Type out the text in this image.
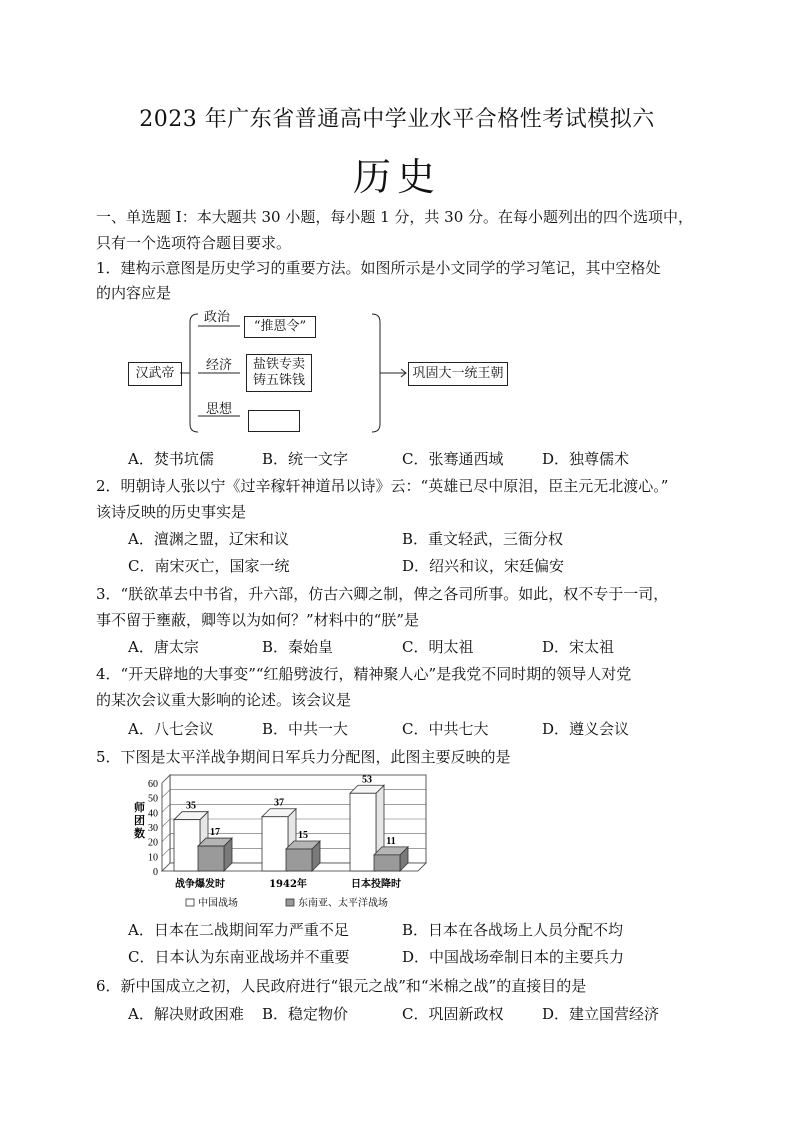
2023 年广东省普通高中学业水平合格性考试模拟六
历史
一、单选题 I：本大题共 30 小题，每小题 1 分，共 30 分。在每小题列出的四个选项中，
只有一个选项符合题目要求。
1．建构示意图是历史学习的重要方法。如图所示是小文同学的学习笔记，其中空格处
的内容应是
汉武帝
政治
“推恩令”
经济	盐铁专卖
铸五铢钱
思想
巩固大一统王朝
A．焚书坑儒	B．统一文字	C．张骞通西域	D．独尊儒术
2．明朝诗人张以宁《过辛稼轩神道吊以诗》云：“英雄已尽中原泪，臣主元无北渡心。”
该诗反映的历史事实是
A．澶渊之盟，辽宋和议	B．重文轻武，三衙分权
C．南宋灭亡，国家一统	D．绍兴和议，宋廷偏安
3．“朕欲革去中书省，升六部，仿古六卿之制，俾之各司所事。如此，权不专于一司，
事不留于壅蔽，卿等以为如何？”材料中的“朕”是
A．唐太宗	B．秦始皇	C．明太祖	D．宋太祖
4．“开天辟地的大事变”“红船劈波行，精神聚人心”是我党不同时期的领导人对党
的某次会议重大影响的论述。该会议是
A．八七会议	B．中共一大	C．中共七大	D．遵义会议
5．下图是太平洋战争期间日军兵力分配图，此图主要反映的是
0
10
20
30
40
50
60
师
团
数
35
17
战争爆发时
37
15
1942年
53
11
日本投降时
中国战场	东南亚、太平洋战场
A．日本在二战期间军力严重不足	B．日本在各战场上人员分配不均
C．日本认为东南亚战场并不重要	D．中国战场牵制日本的主要兵力
6．新中国成立之初，人民政府进行“银元之战”和“米棉之战”的直接目的是
A．解决财政困难 B．稳定物价	C．巩固新政权	D．建立国营经济
